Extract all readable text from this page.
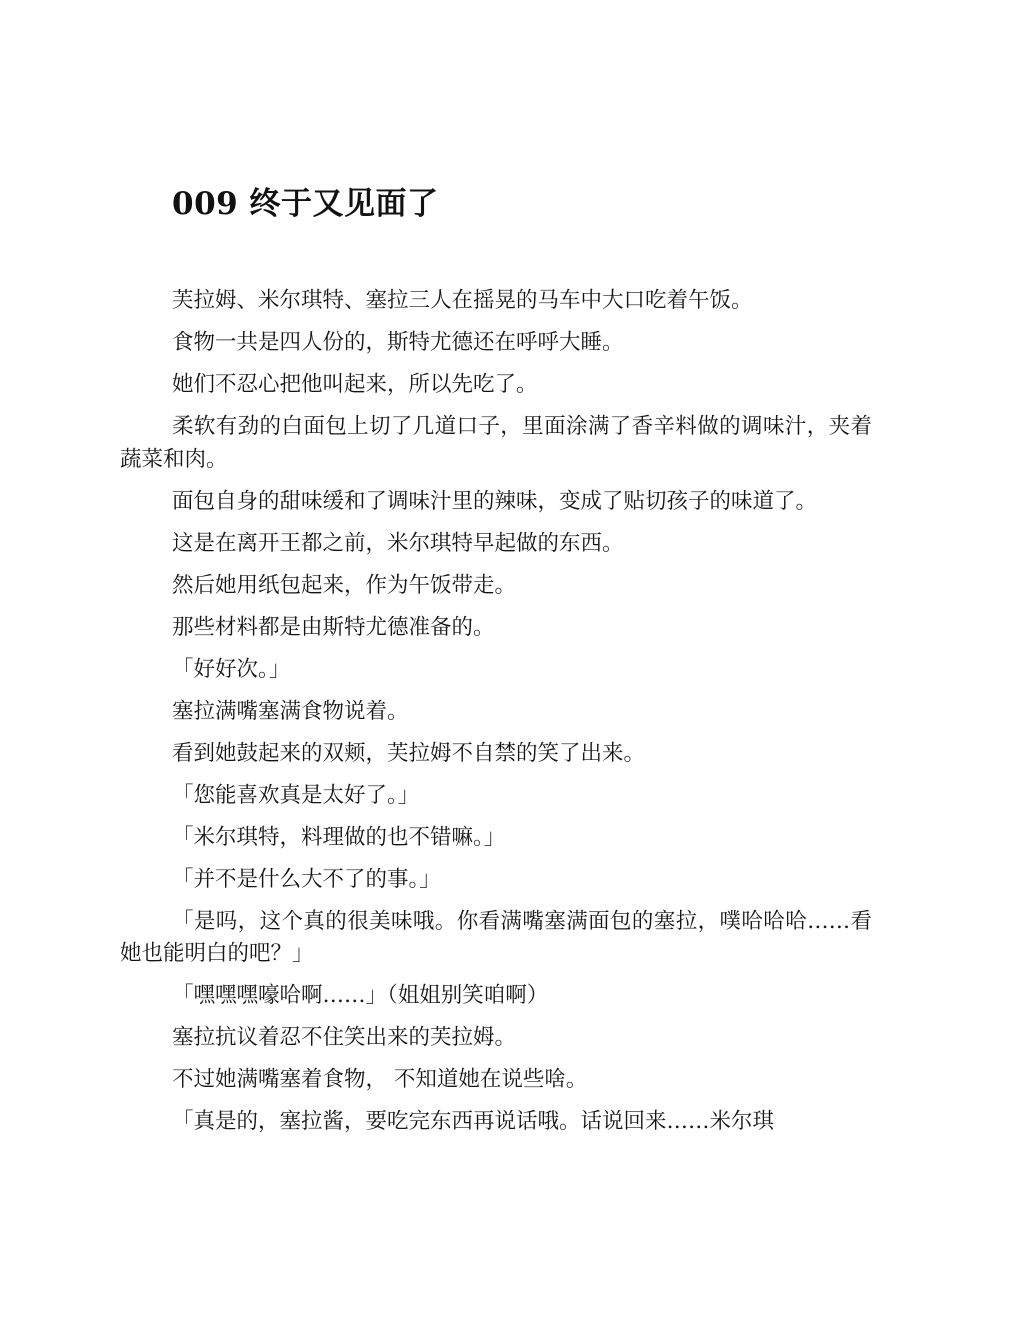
009 终于又见面了

芙拉姆、米尔琪特、塞拉三人在摇晃的马车中大口吃着午饭。

食物一共是四人份的，斯特尤德还在呼呼大睡。

她们不忍心把他叫起来，所以先吃了。

柔软有劲的白面包上切了几道口子，里面涂满了香辛料做的调味汁，夹着蔬菜和肉。

面包自身的甜味缓和了调味汁里的辣味，变成了贴切孩子的味道了。

这是在离开王都之前，米尔琪特早起做的东西。

然后她用纸包起来，作为午饭带走。

那些材料都是由斯特尤德准备的。

「好好次。」

塞拉满嘴塞满食物说着。

看到她鼓起来的双颊，芙拉姆不自禁的笑了出来。

「您能喜欢真是太好了。」

「米尔琪特，料理做的也不错嘛。」

「并不是什么大不了的事。」

「是吗，这个真的很美味哦。你看满嘴塞满面包的塞拉，噗哈哈哈……看她也能明白的吧？」

「嘿嘿嘿嚎哈啊……」（姐姐别笑咱啊）

塞拉抗议着忍不住笑出来的芙拉姆。

不过她满嘴塞着食物， 不知道她在说些啥。

「真是的，塞拉酱，要吃完东西再说话哦。话说回来……米尔琪
